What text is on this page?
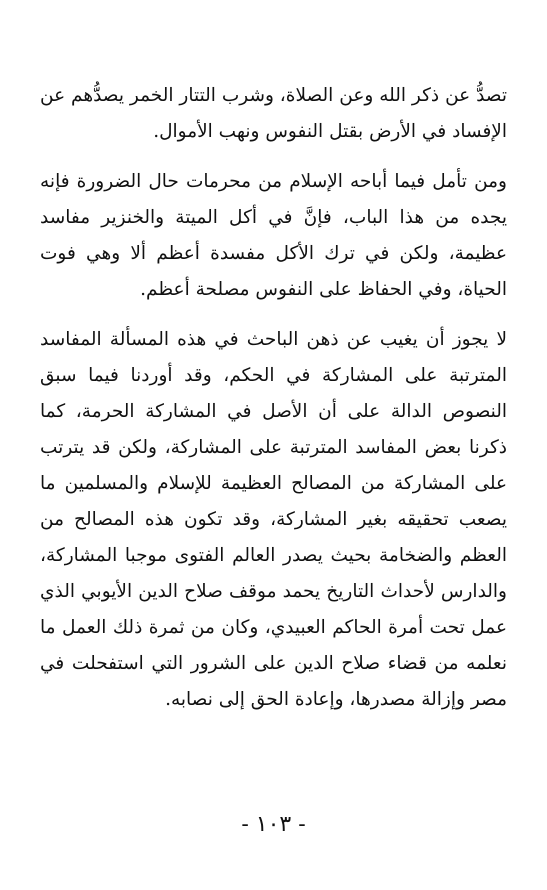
تصدُّ عن ذكر الله وعن الصلاة، وشرب التتار الخمر يصدُّهم عن الإفساد في الأرض بقتل النفوس ونهب الأموال.

ومن تأمل فيما أباحه الإسلام من محرمات حال الضرورة فإنه يجده من هذا الباب، فإنَّ في أكل الميتة والخنزير مفاسد عظيمة، ولكن في ترك الأكل مفسدة أعظم ألا وهي فوت الحياة، وفي الحفاظ على النفوس مصلحة أعظم.

لا يجوز أن يغيب عن ذهن الباحث في هذه المسألة المفاسد المترتبة على المشاركة في الحكم، وقد أوردنا فيما سبق النصوص الدالة على أن الأصل في المشاركة الحرمة، كما ذكرنا بعض المفاسد المترتبة على المشاركة، ولكن قد يترتب على المشاركة من المصالح العظيمة للإسلام والمسلمين ما يصعب تحقيقه بغير المشاركة، وقد تكون هذه المصالح من العظم والضخامة بحيث يصدر العالم الفتوى موجبا المشاركة، والدارس لأحداث التاريخ يحمد موقف صلاح الدين الأيوبي الذي عمل تحت أمرة الحاكم العبيدي، وكان من ثمرة ذلك العمل ما نعلمه من قضاء صلاح الدين على الشرور التي استفحلت في مصر وإزالة مصدرها، وإعادة الحق إلى نصابه.

- ١٠٣ -
